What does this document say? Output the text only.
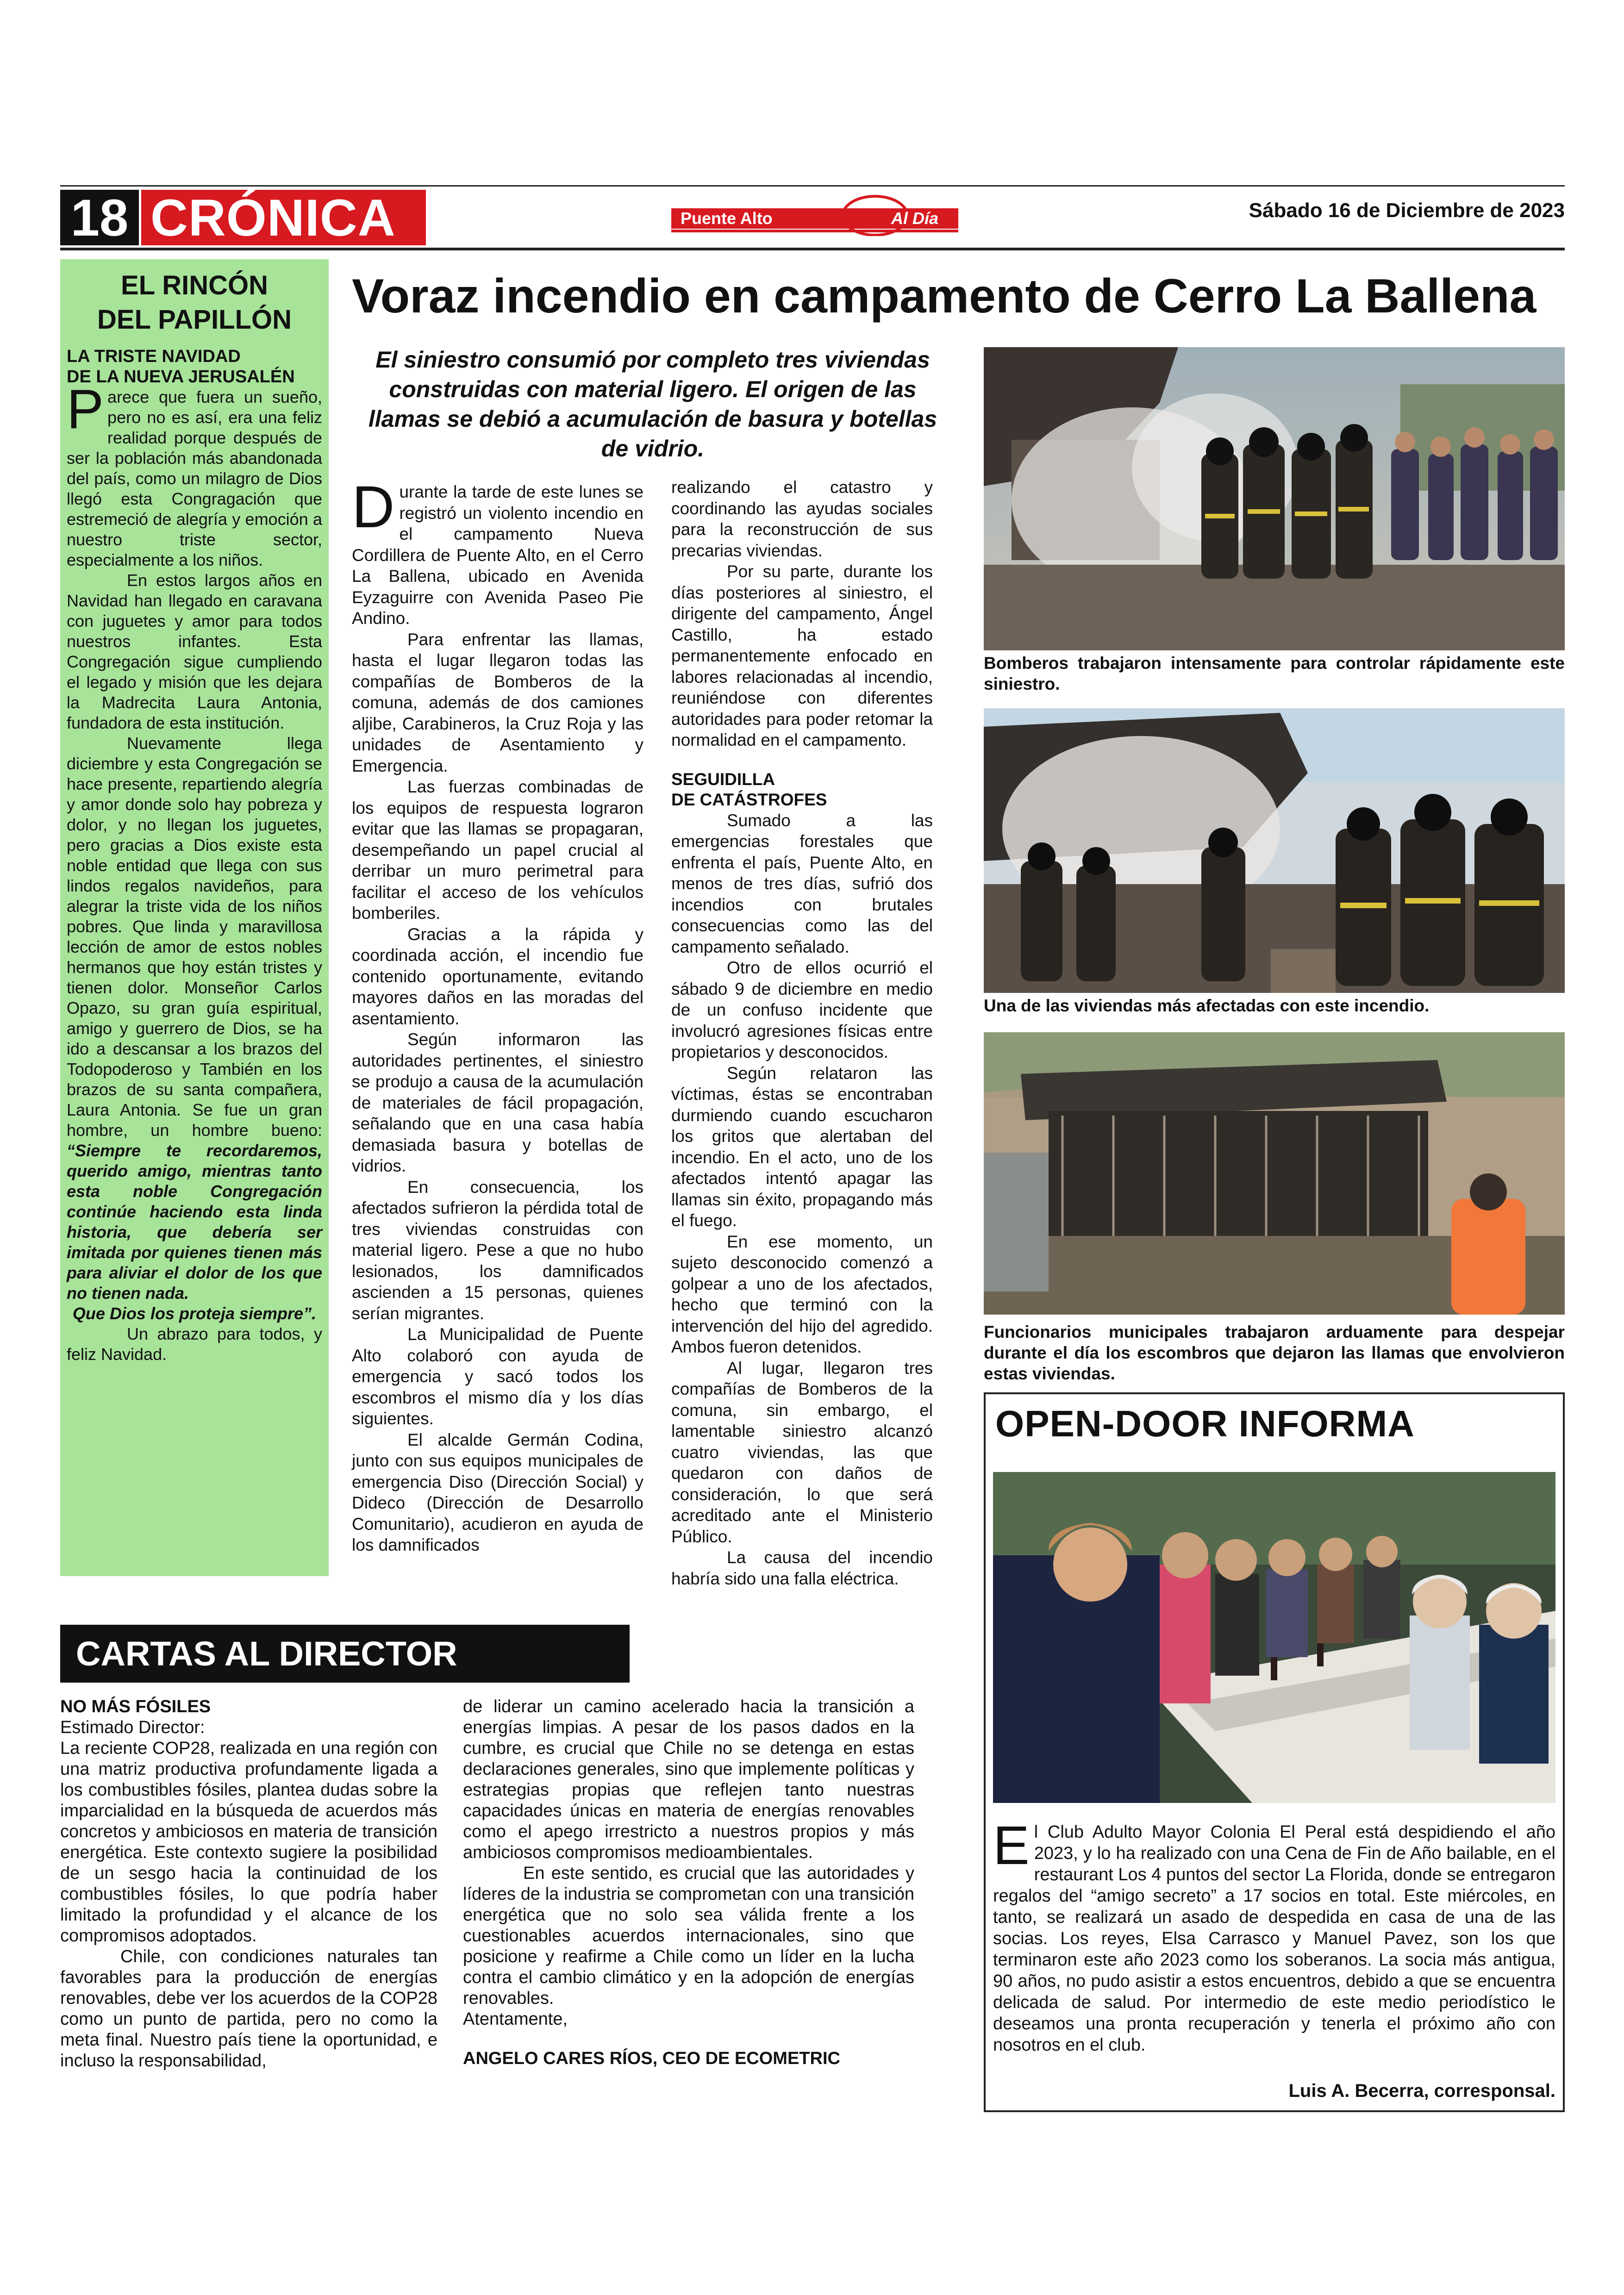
18 CRÓNICA	Puente Alto	Al Día	Sábado 16 de Diciembre de 2023
EL RINCÓN
DEL PAPILLÓN
LA TRISTE NAVIDAD
DE LA NUEVA JERUSALÉN

Parece que fuera un sueño, pero no es así, era una feliz realidad porque después de ser la población más abandonada del país, como un milagro de Dios llegó esta Congragación que estremeció de alegría y emoción a nuestro triste sector, especialmente a los niños.

En estos largos años en Navidad han llegado en caravana con juguetes y amor para todos nuestros infantes. Esta Congregación sigue cumpliendo el legado y misión que les dejara la Madrecita Laura Antonia, fundadora de esta institución.

Nuevamente llega diciembre y esta Congregación se hace presente, repartiendo alegría y amor donde solo hay pobreza y dolor, y no llegan los juguetes, pero gracias a Dios existe esta noble entidad que llega con sus lindos regalos navideños, para alegrar la triste vida de los niños pobres. Que linda y maravillosa lección de amor de estos nobles hermanos que hoy están tristes y tienen dolor. Monseñor Carlos Opazo, su gran guía espiritual, amigo y guerrero de Dios, se ha ido a descansar a los brazos del Todopoderoso y También en los brazos de su santa compañera, Laura Antonia. Se fue un gran hombre, un hombre bueno: “Siempre te recordaremos, querido amigo, mientras tanto esta noble Congregación continúe haciendo esta linda historia, que debería ser imitada por quienes tienen más para aliviar el dolor de los que no tienen nada.

Que Dios los proteja siempre”.

Un abrazo para todos, y feliz Navidad.

Voraz incendio en campamento de Cerro La Ballena
El siniestro consumió por completo tres viviendas construidas con material ligero. El origen de las llamas se debió a acumulación de basura y botellas de vidrio.

Durante la tarde de este lunes se registró un violento incendio en el campamento Nueva Cordillera de Puente Alto, en el Cerro La Ballena, ubicado en Avenida Eyzaguirre con Avenida Paseo Pie Andino.

Para enfrentar las llamas, hasta el lugar llegaron todas las compañías de Bomberos de la comuna, además de dos camiones aljibe, Carabineros, la Cruz Roja y las unidades de Asentamiento y Emergencia.

Las fuerzas combinadas de los equipos de respuesta lograron evitar que las llamas se propagaran, desempeñando un papel crucial al derribar un muro perimetral para facilitar el acceso de los vehículos bomberiles.

Gracias a la rápida y coordinada acción, el incendio fue contenido oportunamente, evitando mayores daños en las moradas del asentamiento.

Según informaron las autoridades pertinentes, el siniestro se produjo a causa de la acumulación de materiales de fácil propagación, señalando que en una casa había demasiada basura y botellas de vidrios.

En consecuencia, los afectados sufrieron la pérdida total de tres viviendas construidas con material ligero. Pese a que no hubo lesionados, los damnificados ascienden a 15 personas, quienes serían migrantes.

La Municipalidad de Puente Alto colaboró con ayuda de emergencia y sacó todos los escombros el mismo día y los días siguientes.

El alcalde Germán Codina, junto con sus equipos municipales de emergencia Diso (Dirección Social) y Dideco (Dirección de Desarrollo Comunitario), acudieron en ayuda de los damnificados

realizando el catastro y coordinando las ayudas sociales para la reconstrucción de sus precarias viviendas.

Por su parte, durante los días posteriores al siniestro, el dirigente del campamento, Ángel Castillo, ha estado permanentemente enfocado en labores relacionadas al incendio, reuniéndose con diferentes autoridades para poder retomar la normalidad en el campamento.

SEGUIDILLA
DE CATÁSTROFES

Sumado a las emergencias forestales que enfrenta el país, Puente Alto, en menos de tres días, sufrió dos incendios con brutales consecuencias como las del campamento señalado.

Otro de ellos ocurrió el sábado 9 de diciembre en medio de un confuso incidente que involucró agresiones físicas entre propietarios y desconocidos.

Según relataron las víctimas, éstas se encontraban durmiendo cuando escucharon los gritos que alertaban del incendio. En el acto, uno de los afectados intentó apagar las llamas sin éxito, propagando más el fuego.

En ese momento, un sujeto desconocido comenzó a golpear a uno de los afectados, hecho que terminó con la intervención del hijo del agredido. Ambos fueron detenidos.

Al lugar, llegaron tres compañías de Bomberos de la comuna, sin embargo, el lamentable siniestro alcanzó cuatro viviendas, las que quedaron con daños de consideración, lo que será acreditado ante el Ministerio Público.

La causa del incendio habría sido una falla eléctrica.

Bomberos trabajaron intensamente para controlar rápidamente este siniestro.
Una de las viviendas más afectadas con este incendio.
Funcionarios municipales trabajaron arduamente para despejar durante el día los escombros que dejaron las llamas que envolvieron estas viviendas.
CARTAS AL DIRECTOR

NO MÁS FÓSILES

Estimado Director:

La reciente COP28, realizada en una región con una matriz productiva profundamente ligada a los combustibles fósiles, plantea dudas sobre la imparcialidad en la búsqueda de acuerdos más concretos y ambiciosos en materia de transición energética. Este contexto sugiere la posibilidad de un sesgo hacia la continuidad de los combustibles fósiles, lo que podría haber limitado la profundidad y el alcance de los compromisos adoptados.

Chile, con condiciones naturales tan favorables para la producción de energías renovables, debe ver los acuerdos de la COP28 como un punto de partida, pero no como la meta final. Nuestro país tiene la oportunidad, e incluso la responsabilidad,

de liderar un camino acelerado hacia la transición a energías limpias. A pesar de los pasos dados en la cumbre, es crucial que Chile no se detenga en estas declaraciones generales, sino que implemente políticas y estrategias propias que reflejen tanto nuestras capacidades únicas en materia de energías renovables como el apego irrestricto a nuestros propios y más ambiciosos compromisos medioambientales.

En este sentido, es crucial que las autoridades y líderes de la industria se comprometan con una transición energética que no solo sea válida frente a los cuestionables acuerdos internacionales, sino que posicione y reafirme a Chile como un líder en la lucha contra el cambio climático y en la adopción de energías renovables.

Atentamente,

ANGELO CARES RÍOS, CEO DE ECOMETRIC

OPEN-DOOR INFORMA
El Club Adulto Mayor Colonia El Peral está despidiendo el año 2023, y lo ha realizado con una Cena de Fin de Año bailable, en el restaurant Los 4 puntos del sector La Florida, donde se entregaron regalos del “amigo secreto” a 17 socios en total. Este miércoles, en tanto, se realizará un asado de despedida en casa de una de las socias. Los reyes, Elsa Carrasco y Manuel Pavez, son los que terminaron este año 2023 como los soberanos. La socia más antigua, 90 años, no pudo asistir a estos encuentros, debido a que se encuentra delicada de salud. Por intermedio de este medio periodístico le deseamos una pronta recuperación y tenerla el próximo año con nosotros en el club.
Luis A. Becerra, corresponsal.
